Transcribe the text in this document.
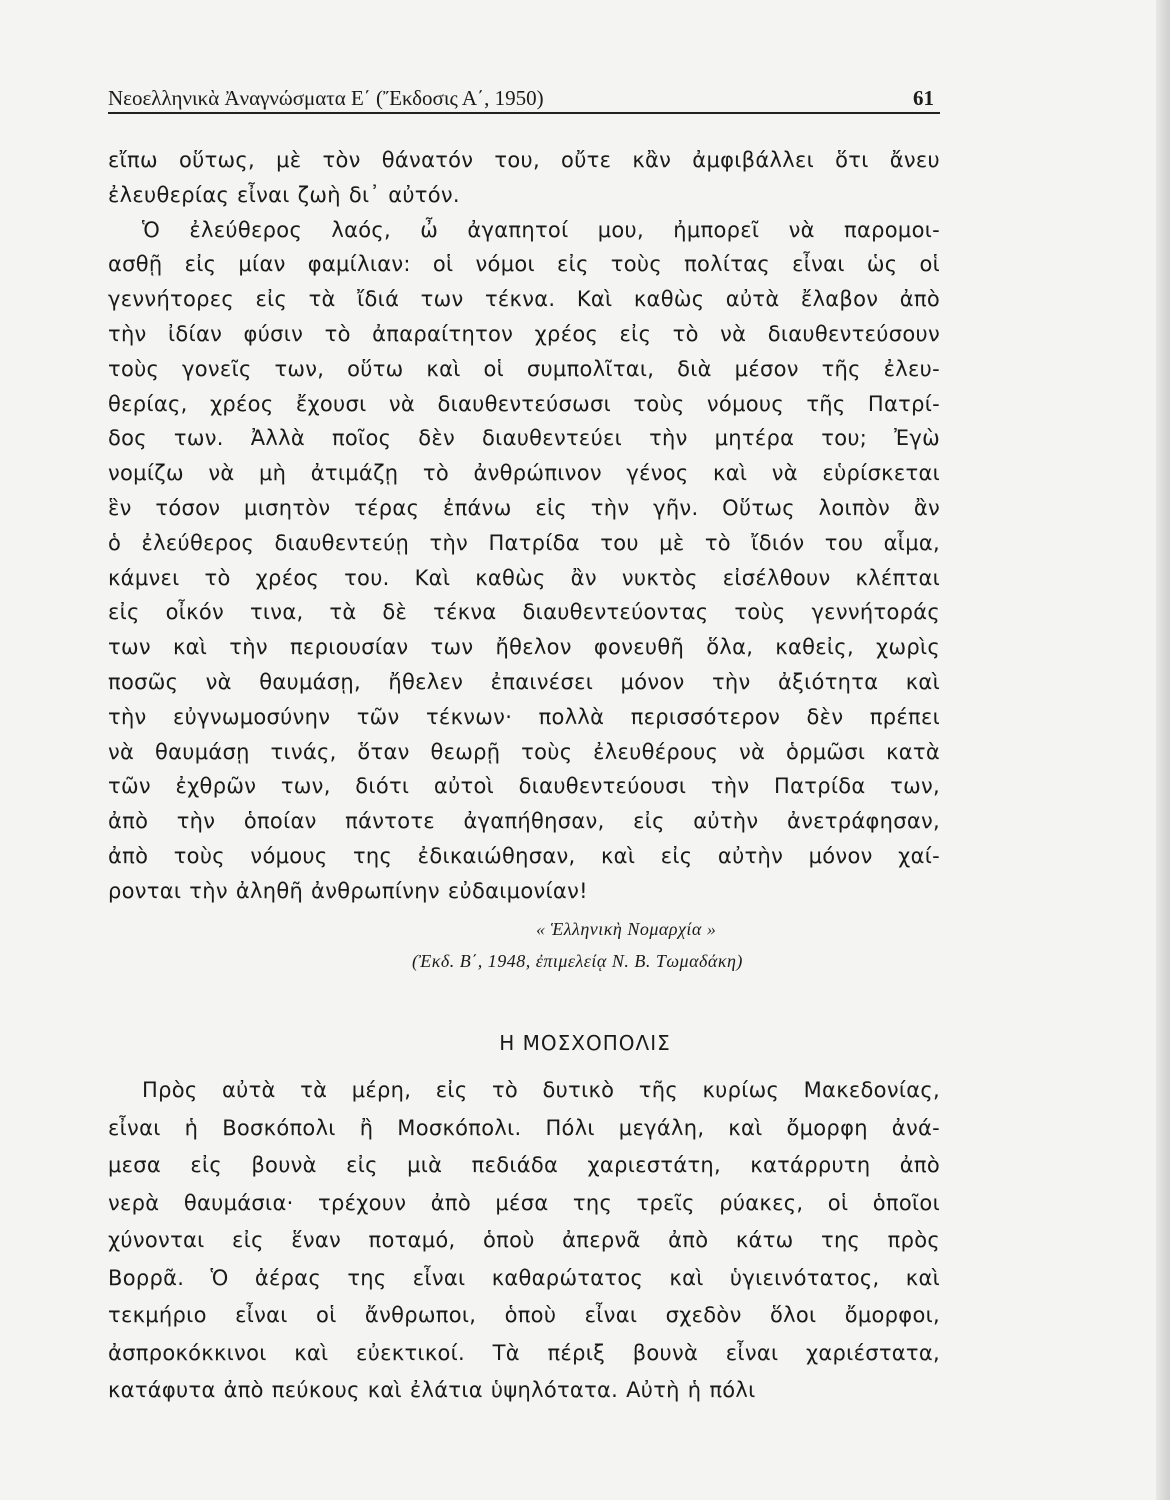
Νεοελληνικὰ Ἀναγνώσματα Ε΄ (Ἔκδοσις Α΄, 1950)	61
εἴπω οὕτως, μὲ τὸν θάνατόν του, οὔτε κἂν ἀμφιβάλλει ὅτι ἄνευ
ἐλευθερίας εἶναι ζωὴ δι᾽ αὐτόν.
Ὁ ἐλεύθερος λαός, ὦ ἀγαπητοί μου, ἠμπορεῖ νὰ παρομοι-
ασθῇ εἰς μίαν φαμίλιαν: οἱ νόμοι εἰς τοὺς πολίτας εἶναι ὡς οἱ
γεννήτορες εἰς τὰ ἴδιά των τέκνα. Καὶ καθὼς αὐτὰ ἔλαβον ἀπὸ
τὴν ἰδίαν φύσιν τὸ ἀπαραίτητον χρέος εἰς τὸ νὰ διαυθεντεύσουν
τοὺς γονεῖς των, οὕτω καὶ οἱ συμπολῖται, διὰ μέσον τῆς ἐλευ-
θερίας, χρέος ἔχουσι νὰ διαυθεντεύσωσι τοὺς νόμους τῆς Πατρί-
δος των. Ἀλλὰ ποῖος δὲν διαυθεντεύει τὴν μητέρα του; Ἐγὼ
νομίζω νὰ μὴ ἀτιμάζῃ τὸ ἀνθρώπινον γένος καὶ νὰ εὑρίσκεται
ἓν τόσον μισητὸν τέρας ἐπάνω εἰς τὴν γῆν. Οὕτως λοιπὸν ἂν
ὁ ἐλεύθερος διαυθεντεύῃ τὴν Πατρίδα του μὲ τὸ ἴδιόν του αἷμα,
κάμνει τὸ χρέος του. Καὶ καθὼς ἂν νυκτὸς εἰσέλθουν κλέπται
εἰς οἶκόν τινα, τὰ δὲ τέκνα διαυθεντεύοντας τοὺς γεννήτοράς
των καὶ τὴν περιουσίαν των ἤθελον φονευθῆ ὅλα, καθεἰς, χωρὶς
ποσῶς νὰ θαυμάσῃ, ἤθελεν ἐπαινέσει μόνον τὴν ἀξιότητα καὶ
τὴν εὐγνωμοσύνην τῶν τέκνων· πολλὰ περισσότερον δὲν πρέπει
νὰ θαυμάσῃ τινάς, ὅταν θεωρῇ τοὺς ἐλευθέρους νὰ ὁρμῶσι κατὰ
τῶν ἐχθρῶν των, διότι αὐτοὶ διαυθεντεύουσι τὴν Πατρίδα των,
ἀπὸ τὴν ὁποίαν πάντοτε ἀγαπήθησαν, εἰς αὐτὴν ἀνετράφησαν,
ἀπὸ τοὺς νόμους της ἐδικαιώθησαν, καὶ εἰς αὐτὴν μόνον χαί-
ρονται τὴν ἀληθῆ ἀνθρωπίνην εὐδαιμονίαν!
« Ἑλληνικὴ Νομαρχία »
(Ἐκδ. Β΄, 1948, ἐπιμελείᾳ Ν. Β. Τωμαδάκη)
Η ΜΟΣΧΟΠΟΛΙΣ
Πρὸς αὐτὰ τὰ μέρη, εἰς τὸ δυτικὸ τῆς κυρίως Μακεδονίας,
εἶναι ἡ Βοσκόπολι ἢ Μοσκόπολι. Πόλι μεγάλη, καὶ ὄμορφη ἀνά-
μεσα εἰς βουνὰ εἰς μιὰ πεδιάδα χαριεστάτη, κατάρρυτη ἀπὸ
νερὰ θαυμάσια· τρέχουν ἀπὸ μέσα της τρεῖς ρύακες, οἱ ὁποῖοι
χύνονται εἰς ἕναν ποταμό, ὁποὺ ἀπερνᾶ ἀπὸ κάτω της πρὸς
Βορρᾶ. Ὁ ἀέρας της εἶναι καθαρώτατος καὶ ὑγιεινότατος, καὶ
τεκμήριο εἶναι οἱ ἄνθρωποι, ὁποὺ εἶναι σχεδὸν ὅλοι ὄμορφοι,
ἀσπροκόκκινοι καὶ εὐεκτικοί. Τὰ πέριξ βουνὰ εἶναι χαριέστατα,
κατάφυτα ἀπὸ πεύκους καὶ ἐλάτια ὑψηλότατα. Αὐτὴ ἡ πόλι
